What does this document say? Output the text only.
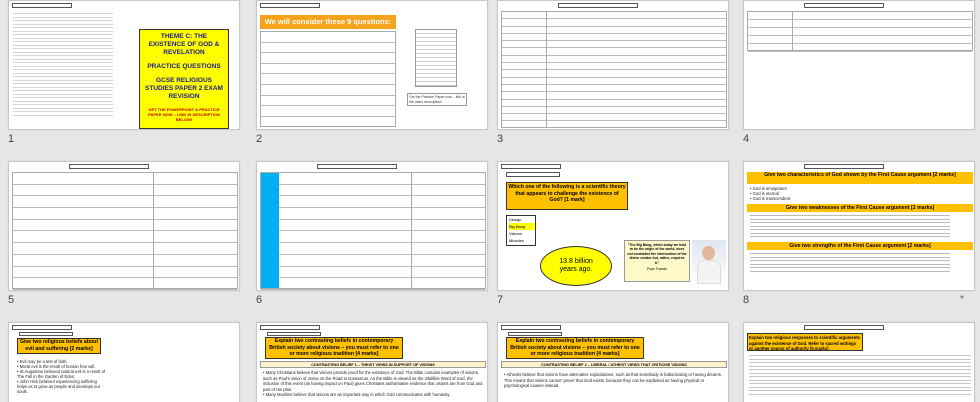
THEME C: THE EXISTENCE OF GOD & REVELATION
PRACTICE QUESTIONS
GCSE RELIGIOUS STUDIES PAPER 2 EXAM REVISION
GET THE POWERPOINT & PRACTICE PAPER NOW – LINK IN DESCRIPTION BELOW!
1
We will consider these 9 questions:
Get the Practice Paper now – link in the video description!
2	3	4
5	6
Which one of the following is a scientific theory that appears to challenge the existence of God? [1 mark]
Design
Big Bang
Visions
Miracles
13.8 billion years ago.
"The Big Bang, which today we hold to be the origin of the world, does not contradict the intervention of the divine creator but, rather, requires it."
Pope Francis
7
Give two characteristics of God shown by the First Cause argument [2 marks]
• God is omnipotent
• God is eternal
• God is transcendent
Give two weaknesses of the First Cause argument [2 marks]
Give two strengths of the First Cause argument [2 marks]
8	*
Give two religious beliefs about evil and suffering [2 marks]
• Evil may be a test of faith.
• Moral evil is the result of human free will.
• St Augustine believed natural evil is a result of The Fall in the Garden of Eden.
• John Hick believed experiencing suffering helps us to grow as people and develops our souls.
Explain two contrasting beliefs in contemporary British society about visions – you must refer to one or more religious tradition [4 marks]
CONTRASTING BELIEF 1 – THEIST VIEWS IN SUPPORT OF VISIONS
• Many Christians believe that visions provide proof for the existence of God. The Bible contains examples of visions, such as Paul's vision of Jesus on the Road to Damascus. As the Bible is viewed as the infallible Word of God, the inclusion of this event (as having impact on Paul) gives Christians authoritative evidence that visions are from God and part of His plan.
• Many Muslims believe that visions are an important way in which God communicates with humanity.
Explain two contrasting beliefs in contemporary British society about visions – you must refer to one or more religious tradition [4 marks]
CONTRASTING BELIEF 2 – LIBERAL / ATHEIST VIEWS THAT CRITICISE VISIONS
• Atheists believe that visions have alternative explanations, such as that somebody is hallucinating or having dreams. This means that visions cannot 'prove' that God exists, because they can be explained as having physical or psychological causes instead.
Explain two religious responses to scientific arguments against the existence of God. Refer to sacred writings or another source of authority [5 marks]
